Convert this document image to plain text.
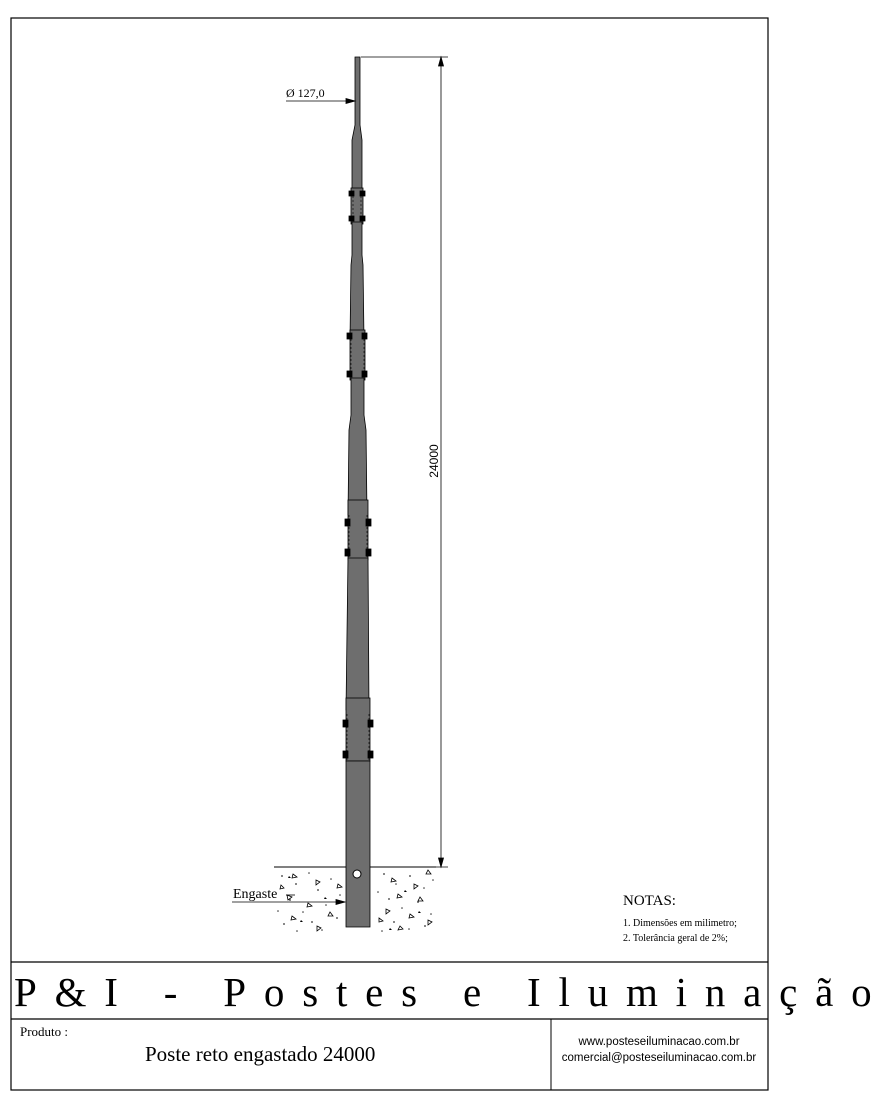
24000
Ø 127,0
Engaste	NOTAS:
1. Dimensões em milimetro;
2. Tolerância geral de 2%;
P&I - Postes e Iluminação
Produto :
Poste reto engastado 24000	www.posteseiluminacao.com.br
comercial@posteseiluminacao.com.br
